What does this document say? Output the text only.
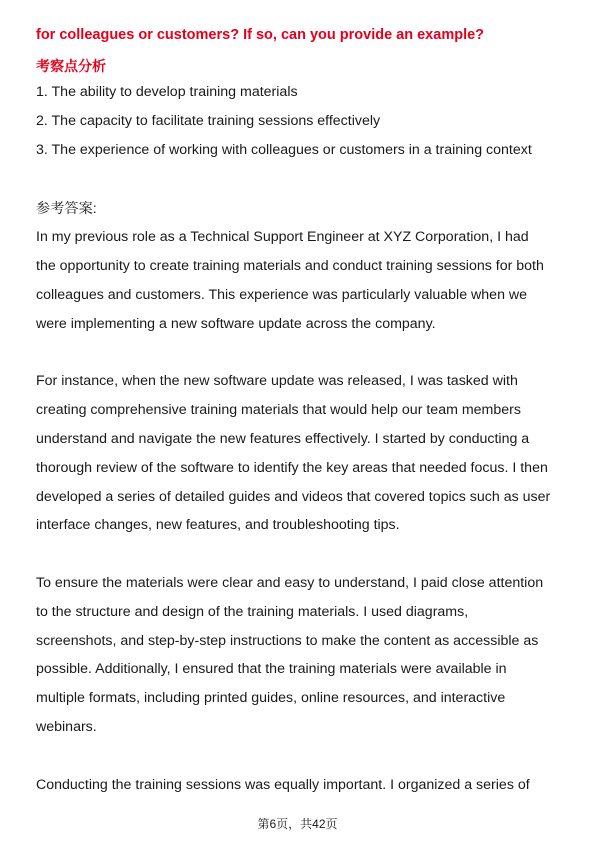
for colleagues or customers? If so, can you provide an example?
考察点分析
1. The ability to develop training materials
2. The capacity to facilitate training sessions effectively
3. The experience of working with colleagues or customers in a training context
参考答案:
In my previous role as a Technical Support Engineer at XYZ Corporation, I had
the opportunity to create training materials and conduct training sessions for both
colleagues and customers. This experience was particularly valuable when we
were implementing a new software update across the company.
For instance, when the new software update was released, I was tasked with
creating comprehensive training materials that would help our team members
understand and navigate the new features effectively. I started by conducting a
thorough review of the software to identify the key areas that needed focus. I then
developed a series of detailed guides and videos that covered topics such as user
interface changes, new features, and troubleshooting tips.
To ensure the materials were clear and easy to understand, I paid close attention
to the structure and design of the training materials. I used diagrams,
screenshots, and step-by-step instructions to make the content as accessible as
possible. Additionally, I ensured that the training materials were available in
multiple formats, including printed guides, online resources, and interactive
webinars.
Conducting the training sessions was equally important. I organized a series of
第6页，共42页
